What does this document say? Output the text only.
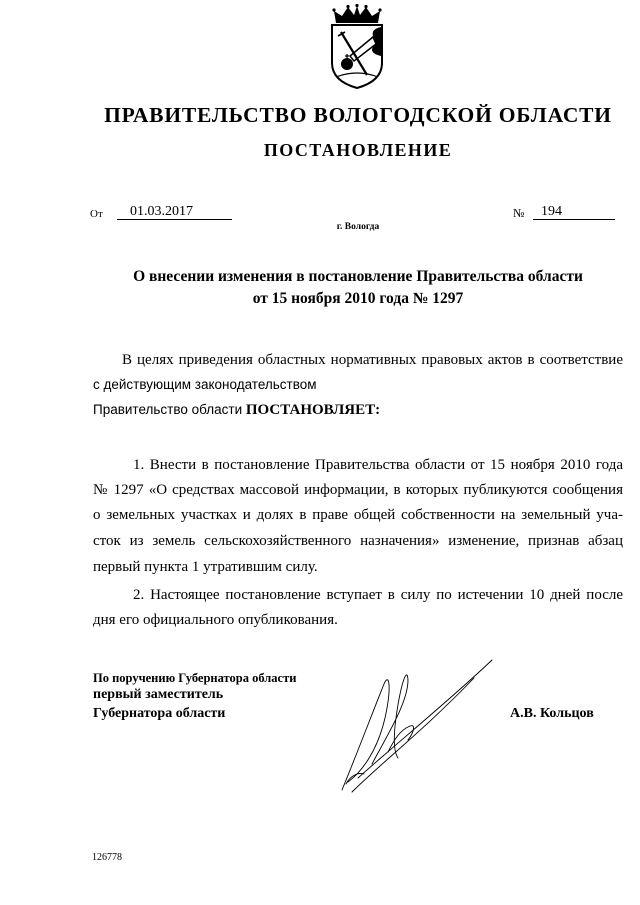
ПРАВИТЕЛЬСТВО ВОЛОГОДСКОЙ ОБЛАСТИ
ПОСТАНОВЛЕНИЕ
От	01.03.2017	№	194
г. Вологда
О внесении изменения в постановление Правительства области
от 15 ноября 2010 года № 1297
В целях приведения областных нормативных правовых актов в соответствие
с действующим законодательством
Правительство области ПОСТАНОВЛЯЕТ:
1. Внести в постановление Правительства области от 15 ноября 2010 года
№ 1297 «О средствах массовой информации, в которых публикуются сообщения
о земельных участках и долях в праве общей собственности на земельный уча-
сток из земель сельскохозяйственного назначения» изменение, признав абзац
первый пункта 1 утратившим силу.
2. Настоящее постановление вступает в силу по истечении 10 дней после
дня его официального опубликования.
По поручению Губернатора области
первый заместитель
Губернатора области	А.В. Кольцов
126778
